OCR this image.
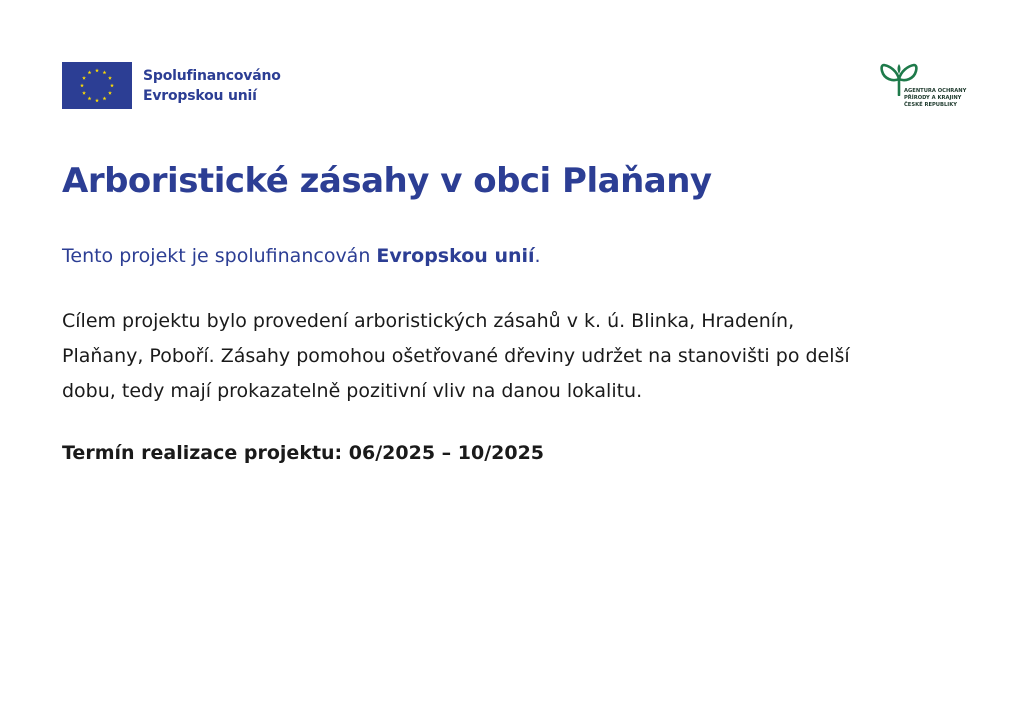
Spolufinancováno
Evropskou unií	AGENTURA OCHRANY
PŘÍRODY A KRAJINY
ČESKÉ REPUBLIKY
Arboristické zásahy v obci Plaňany

Tento projekt je spolufinancován Evropskou unií.

Cílem projektu bylo provedení arboristických zásahů v k. ú. Blinka, Hradenín,
Plaňany, Poboří. Zásahy pomohou ošetřované dřeviny udržet na stanovišti po delší
dobu, tedy mají prokazatelně pozitivní vliv na danou lokalitu.

Termín realizace projektu: 06/2025 – 10/2025
